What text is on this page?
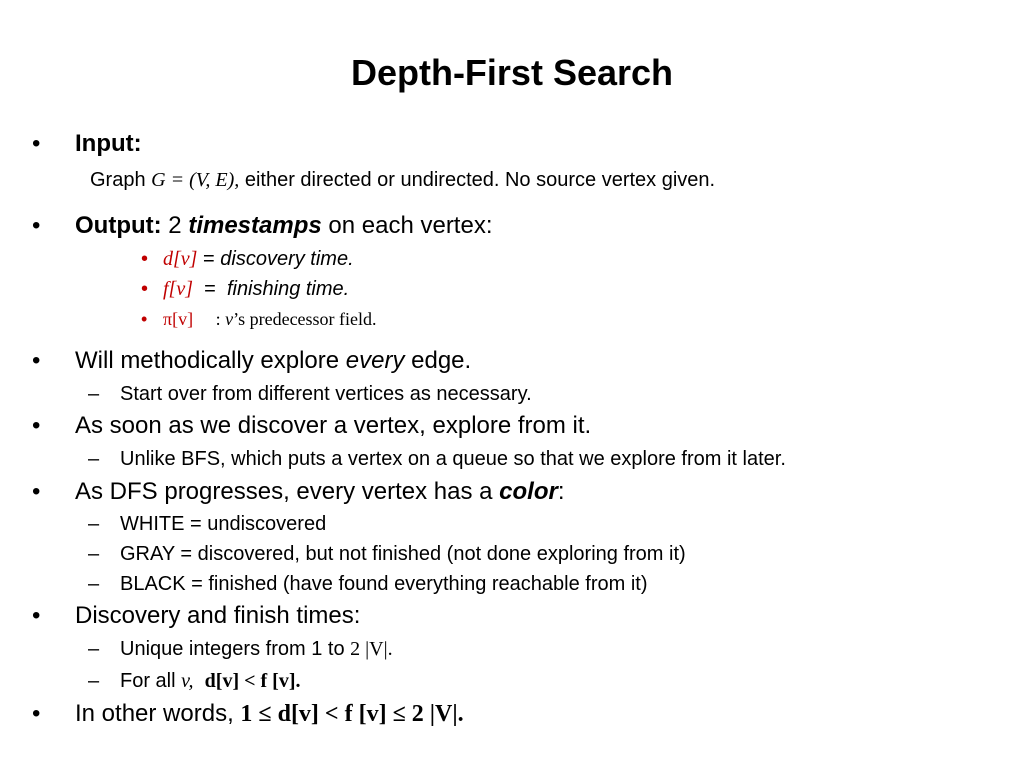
Depth-First Search
• Input:
Graph G = (V, E), either directed or undirected. No source vertex given.
• Output: 2 timestamps on each vertex:
• d[v] = discovery time.
• f[v] = finishing time.
• π[v] : v’s predecessor field.
• Will methodically explore every edge.
– Start over from different vertices as necessary.
• As soon as we discover a vertex, explore from it.
– Unlike BFS, which puts a vertex on a queue so that we explore from it later.
• As DFS progresses, every vertex has a color:
– WHITE = undiscovered
– GRAY = discovered, but not finished (not done exploring from it)
– BLACK = finished (have found everything reachable from it)
• Discovery and finish times:
– Unique integers from 1 to 2 |V|.
– For all v, d[v] < f [v].
• In other words, 1 ≤ d[v] < f [v] ≤ 2 |V|.
